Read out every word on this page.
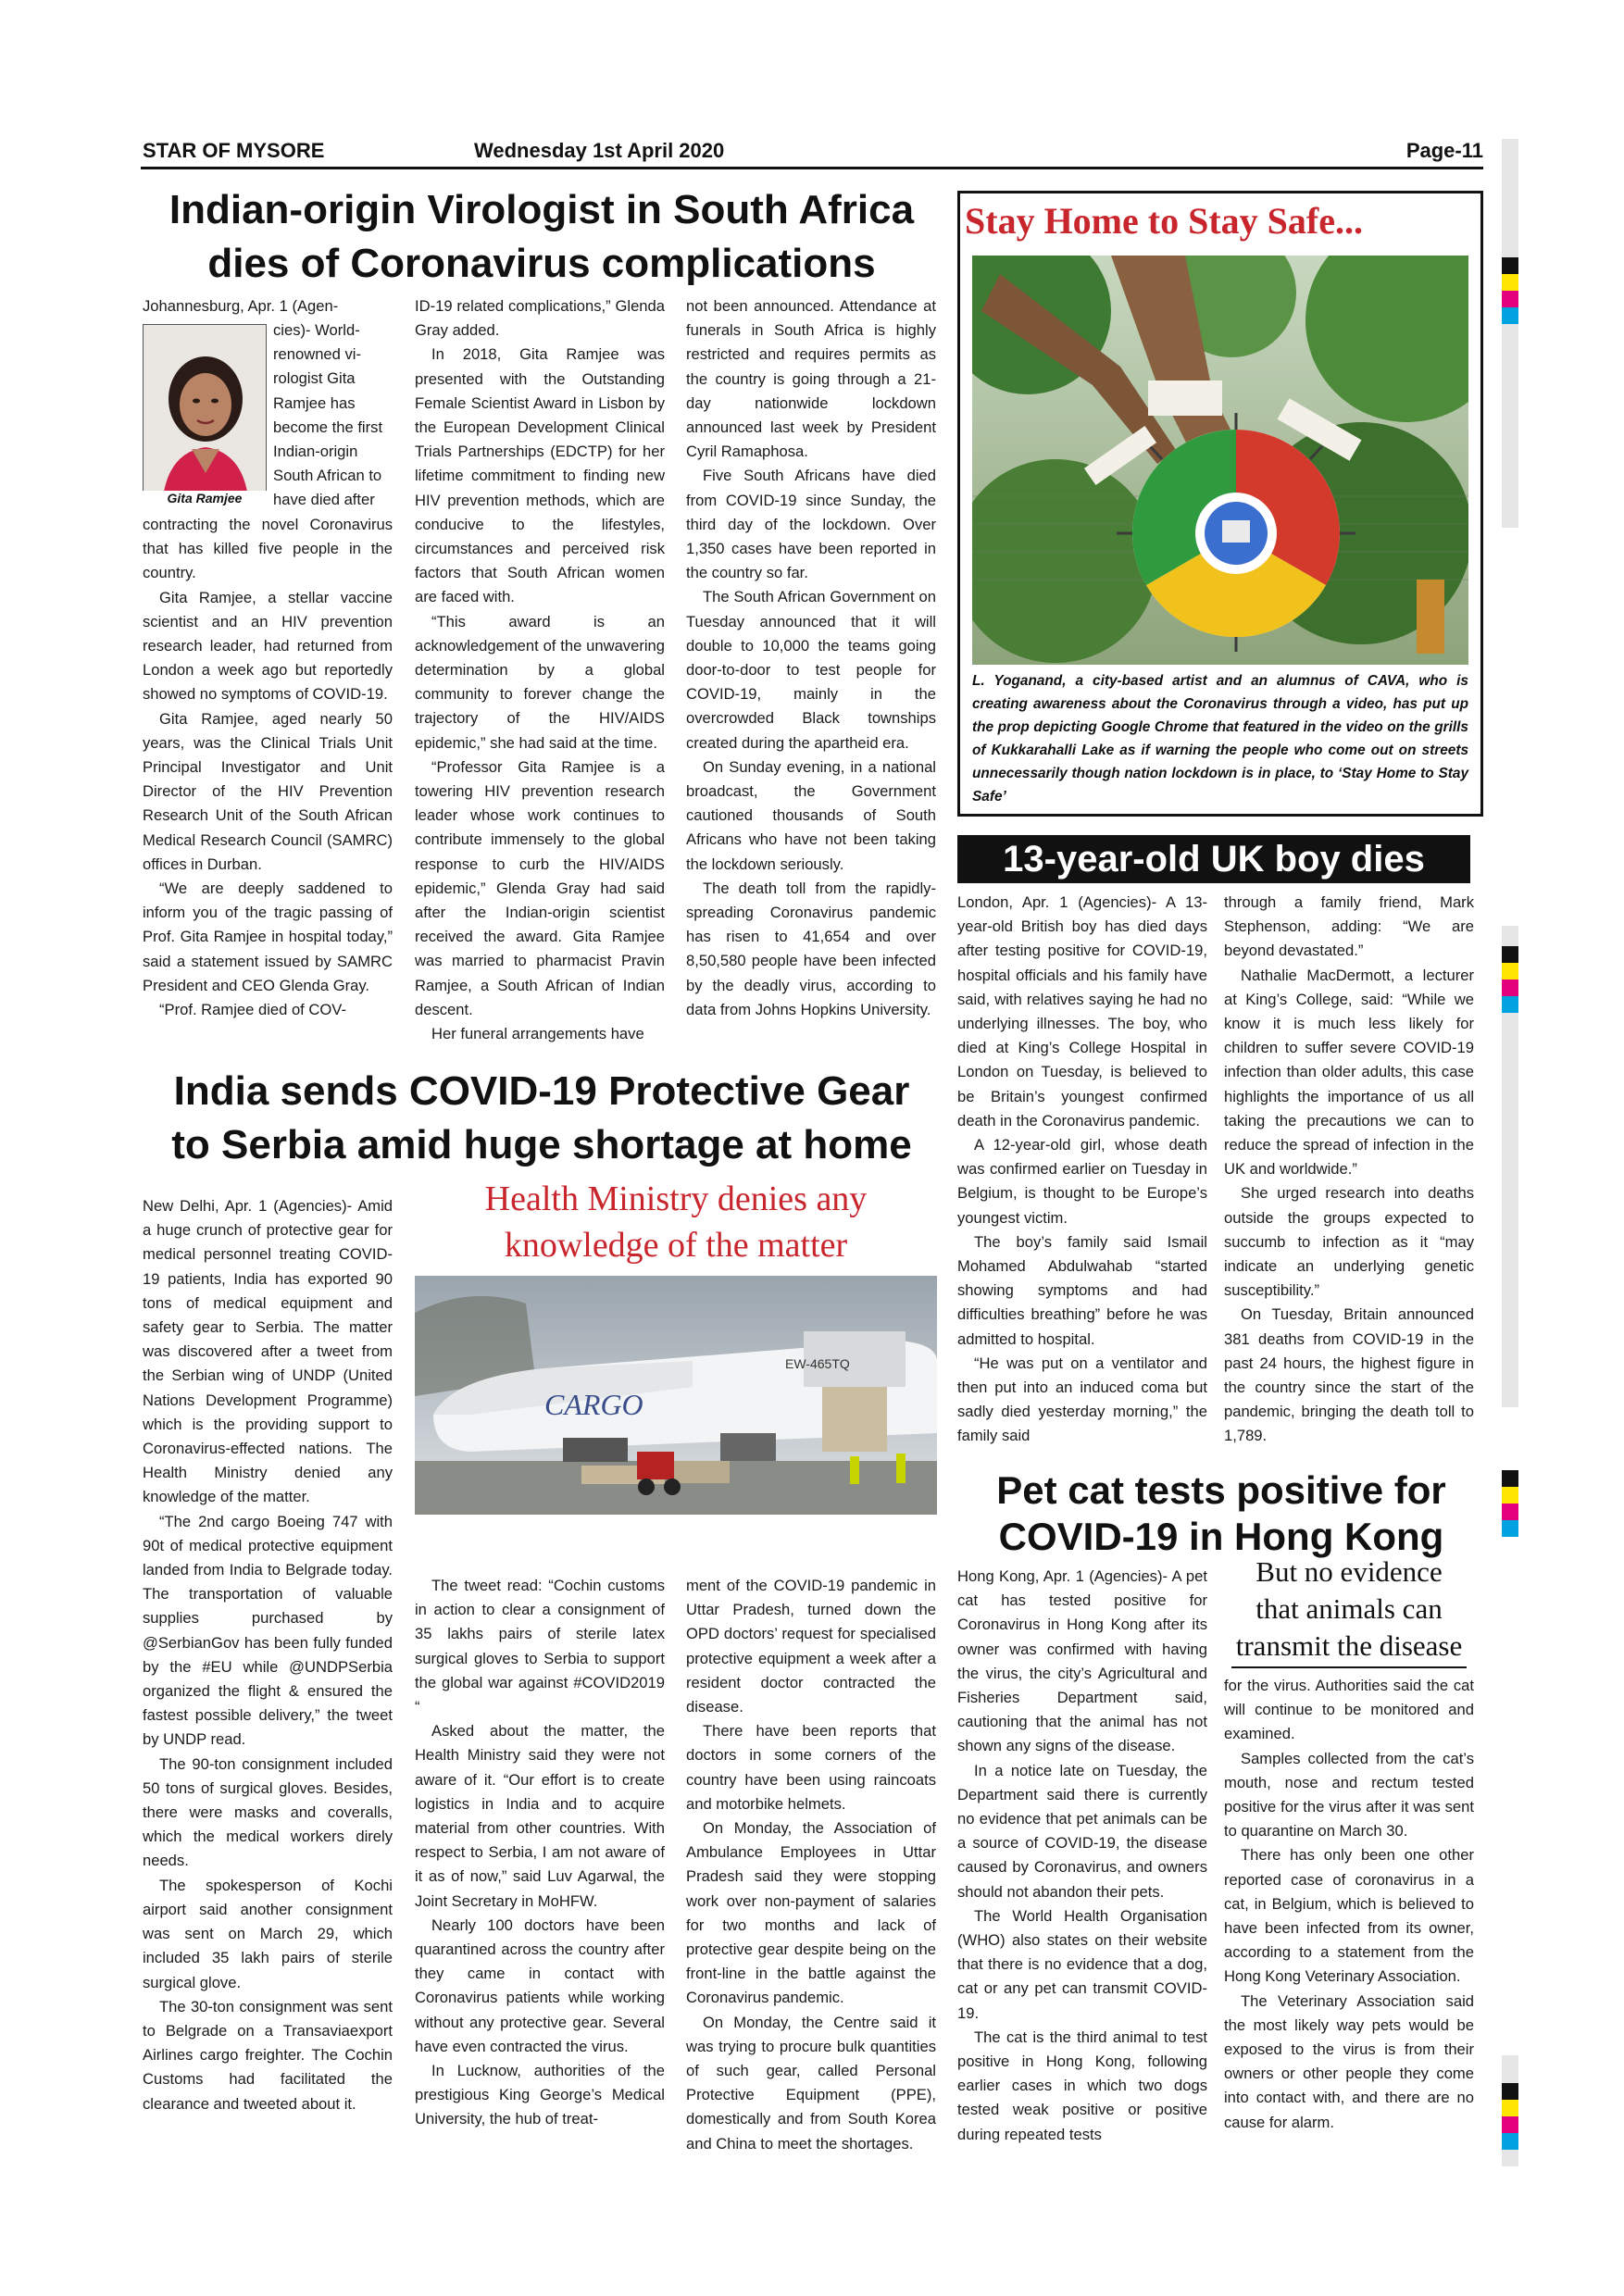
STAR OF MYSORE	Wednesday 1st April 2020	Page-11
Indian-origin Virologist in South Africa
dies of Coronavirus complications
Gita Ramjee
Johannesburg, Apr. 1 (Agen-
cies)- World-
renowned vi-
rologist Gita
Ramjee has
become the first
Indian-origin
South African to
have died after

contracting the novel Coronavirus that has killed five people in the country.

Gita Ramjee, a stellar vaccine scientist and an HIV prevention research leader, had returned from London a week ago but reportedly showed no symptoms of COVID-19.

Gita Ramjee, aged nearly 50 years, was the Clinical Trials Unit Principal Investigator and Unit Director of the HIV Prevention Research Unit of the South African Medical Research Council (SAMRC) offices in Durban.

“We are deeply saddened to inform you of the tragic passing of Prof. Gita Ramjee in hospital today,” said a statement issued by SAMRC President and CEO Glenda Gray.

“Prof. Ramjee died of COV-

ID-19 related complications,” Glenda Gray added.

In 2018, Gita Ramjee was presented with the Outstanding Female Scientist Award in Lisbon by the European Development Clinical Trials Partnerships (EDCTP) for her lifetime commitment to finding new HIV prevention methods, which are conducive to the lifestyles, circumstances and perceived risk factors that South African women are faced with.

“This award is an acknowledgement of the unwavering determination by a global community to forever change the trajectory of the HIV/AIDS epidemic,” she had said at the time.

“Professor Gita Ramjee is a towering HIV prevention research leader whose work continues to contribute immensely to the global response to curb the HIV/AIDS epidemic,” Glenda Gray had said after the Indian-origin scientist received the award. Gita Ramjee was married to pharmacist Pravin Ramjee, a South African of Indian descent.

Her funeral arrangements have

not been announced. Attendance at funerals in South Africa is highly restricted and requires permits as the country is going through a 21-day nationwide lockdown announced last week by President Cyril Ramaphosa.

Five South Africans have died from COVID-19 since Sunday, the third day of the lockdown. Over 1,350 cases have been reported in the country so far.

The South African Government on Tuesday announced that it will double to 10,000 the teams going door-to-door to test people for COVID-19, mainly in the overcrowded Black townships created during the apartheid era.

On Sunday evening, in a national broadcast, the Government cautioned thousands of South Africans who have not been taking the lockdown seriously.

The death toll from the rapidly-spreading Coronavirus pandemic has risen to 41,654 and over 8,50,580 people have been infected by the deadly virus, according to data from Johns Hopkins University.

Stay Home to Stay Safe...
L. Yoganand, a city-based artist and an alumnus of CAVA, who is creating awareness about the Coronavirus through a video, has put up the prop depicting Google Chrome that featured in the video on the grills of Kukkarahalli Lake as if warning the people who come out on streets unnecessarily though nation lockdown is in place, to ‘Stay Home to Stay Safe’
13-year-old UK boy dies

London, Apr. 1 (Agencies)- A 13-year-old British boy has died days after testing positive for COVID-19, hospital officials and his family have said, with relatives saying he had no underlying illnesses. The boy, who died at King’s College Hospital in London on Tuesday, is believed to be Britain’s youngest confirmed death in the Coronavirus pandemic.

A 12-year-old girl, whose death was confirmed earlier on Tuesday in Belgium, is thought to be Europe’s youngest victim.

The boy’s family said Ismail Mohamed Abdulwahab “started showing symptoms and had difficulties breathing” before he was admitted to hospital.

“He was put on a ventilator and then put into an induced coma but sadly died yesterday morning,” the family said

through a family friend, Mark Stephenson, adding: “We are beyond devastated.”

Nathalie MacDermott, a lecturer at King’s College, said: “While we know it is much less likely for children to suffer severe COVID-19 infection than older adults, this case highlights the importance of us all taking the precautions we can to reduce the spread of infection in the UK and worldwide.”

She urged research into deaths outside the groups expected to succumb to infection as it “may indicate an underlying genetic susceptibility.”

On Tuesday, Britain announced 381 deaths from COVID-19 in the past 24 hours, the highest figure in the country since the start of the pandemic, bringing the death toll to 1,789.

India sends COVID-19 Protective Gear
to Serbia amid huge shortage at home
Health Ministry denies any
knowledge of the matter
CARGO
EW-465TQ

New Delhi, Apr. 1 (Agencies)- Amid a huge crunch of protective gear for medical personnel treating COVID-19 patients, India has exported 90 tons of medical equipment and safety gear to Serbia. The matter was discovered after a tweet from the Serbian wing of UNDP (United Nations Development Programme) which is the providing support to Coronavirus-effected nations. The Health Ministry denied any knowledge of the matter.

“The 2nd cargo Boeing 747 with 90t of medical protective equipment landed from India to Belgrade today. The transportation of valuable supplies purchased by @SerbianGov has been fully funded by the #EU while @UNDPSerbia organized the flight & ensured the fastest possible delivery,” the tweet by UNDP read.

The 90-ton consignment included 50 tons of surgical gloves. Besides, there were masks and coveralls, which the medical workers direly needs.

The spokesperson of Kochi airport said another consignment was sent on March 29, which included 35 lakh pairs of sterile surgical glove.

The 30-ton consignment was sent to Belgrade on a Transaviaexport Airlines cargo freighter. The Cochin Customs had facilitated the clearance and tweeted about it.

The tweet read: “Cochin customs in action to clear a consignment of 35 lakhs pairs of sterile latex surgical gloves to Serbia to support the global war against #COVID2019 “

Asked about the matter, the Health Ministry said they were not aware of it. “Our effort is to create logistics in India and to acquire material from other countries. With respect to Serbia, I am not aware of it as of now,” said Luv Agarwal, the Joint Secretary in MoHFW.

Nearly 100 doctors have been quarantined across the country after they came in contact with Coronavirus patients while working without any protective gear. Several have even contracted the virus.

In Lucknow, authorities of the prestigious King George’s Medical University, the hub of treat-

ment of the COVID-19 pandemic in Uttar Pradesh, turned down the OPD doctors’ request for specialised protective equipment a week after a resident doctor contracted the disease.

There have been reports that doctors in some corners of the country have been using raincoats and motorbike helmets.

On Monday, the Association of Ambulance Employees in Uttar Pradesh said they were stopping work over non-payment of salaries for two months and lack of protective gear despite being on the front-line in the battle against the Coronavirus pandemic.

On Monday, the Centre said it was trying to procure bulk quantities of such gear, called Personal Protective Equipment (PPE), domestically and from South Korea and China to meet the shortages.

Pet cat tests positive for
COVID-19 in Hong Kong
But no evidence
that animals can
transmit the disease

Hong Kong, Apr. 1 (Agencies)- A pet cat has tested positive for Coronavirus in Hong Kong after its owner was confirmed with having the virus, the city’s Agricultural and Fisheries Department said, cautioning that the animal has not shown any signs of the disease.

In a notice late on Tuesday, the Department said there is currently no evidence that pet animals can be a source of COVID-19, the disease caused by Coronavirus, and owners should not abandon their pets.

The World Health Organisation (WHO) also states on their website that there is no evidence that a dog, cat or any pet can transmit COVID-19.

The cat is the third animal to test positive in Hong Kong, following earlier cases in which two dogs tested weak positive or positive during repeated tests

for the virus. Authorities said the cat will continue to be monitored and examined.

Samples collected from the cat’s mouth, nose and rectum tested positive for the virus after it was sent to quarantine on March 30.

There has only been one other reported case of coronavirus in a cat, in Belgium, which is believed to have been infected from its owner, according to a statement from the Hong Kong Veterinary Association.

The Veterinary Association said the most likely way pets would be exposed to the virus is from their owners or other people they come into contact with, and there are no cause for alarm.
